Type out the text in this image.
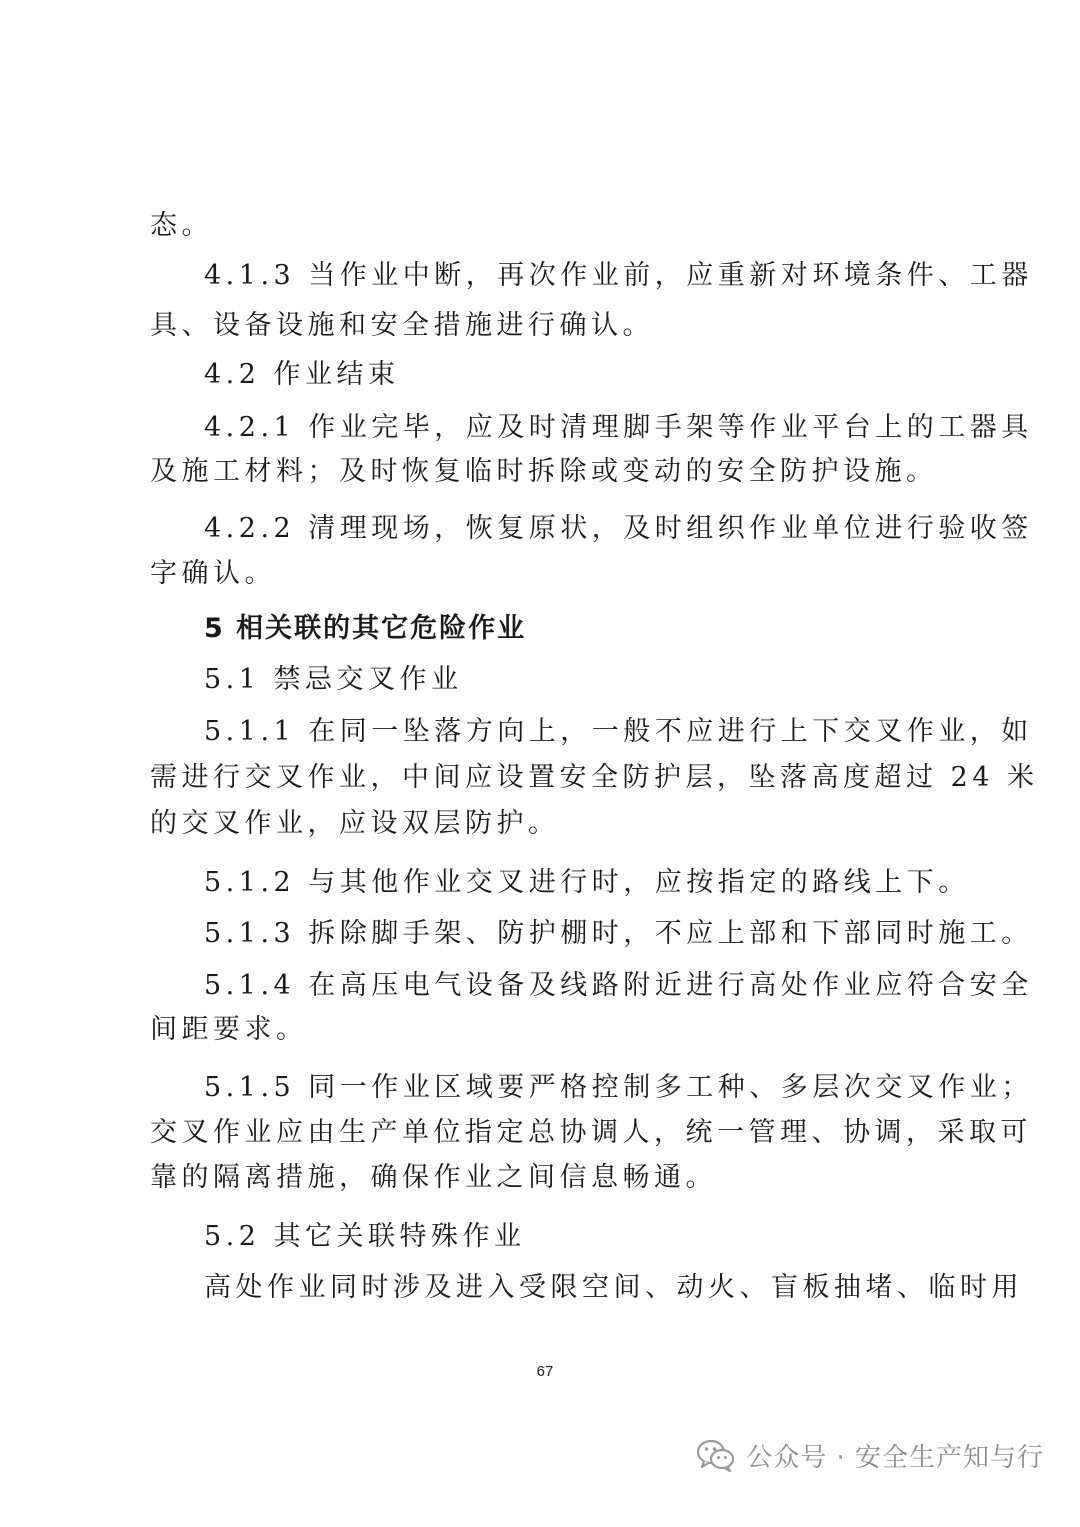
态。
4.1.3 当作业中断，再次作业前，应重新对环境条件、工器
具、设备设施和安全措施进行确认。
4.2 作业结束
4.2.1 作业完毕，应及时清理脚手架等作业平台上的工器具
及施工材料；及时恢复临时拆除或变动的安全防护设施。
4.2.2 清理现场，恢复原状，及时组织作业单位进行验收签
字确认。
5 相关联的其它危险作业
5.1 禁忌交叉作业
5.1.1 在同一坠落方向上，一般不应进行上下交叉作业，如
需进行交叉作业，中间应设置安全防护层，坠落高度超过 24 米
的交叉作业，应设双层防护。
5.1.2 与其他作业交叉进行时，应按指定的路线上下。
5.1.3 拆除脚手架、防护棚时，不应上部和下部同时施工。
5.1.4 在高压电气设备及线路附近进行高处作业应符合安全
间距要求。
5.1.5 同一作业区域要严格控制多工种、多层次交叉作业；
交叉作业应由生产单位指定总协调人，统一管理、协调，采取可
靠的隔离措施，确保作业之间信息畅通。
5.2 其它关联特殊作业
高处作业同时涉及进入受限空间、动火、盲板抽堵、临时用
67
公众号 · 安全生产知与行
